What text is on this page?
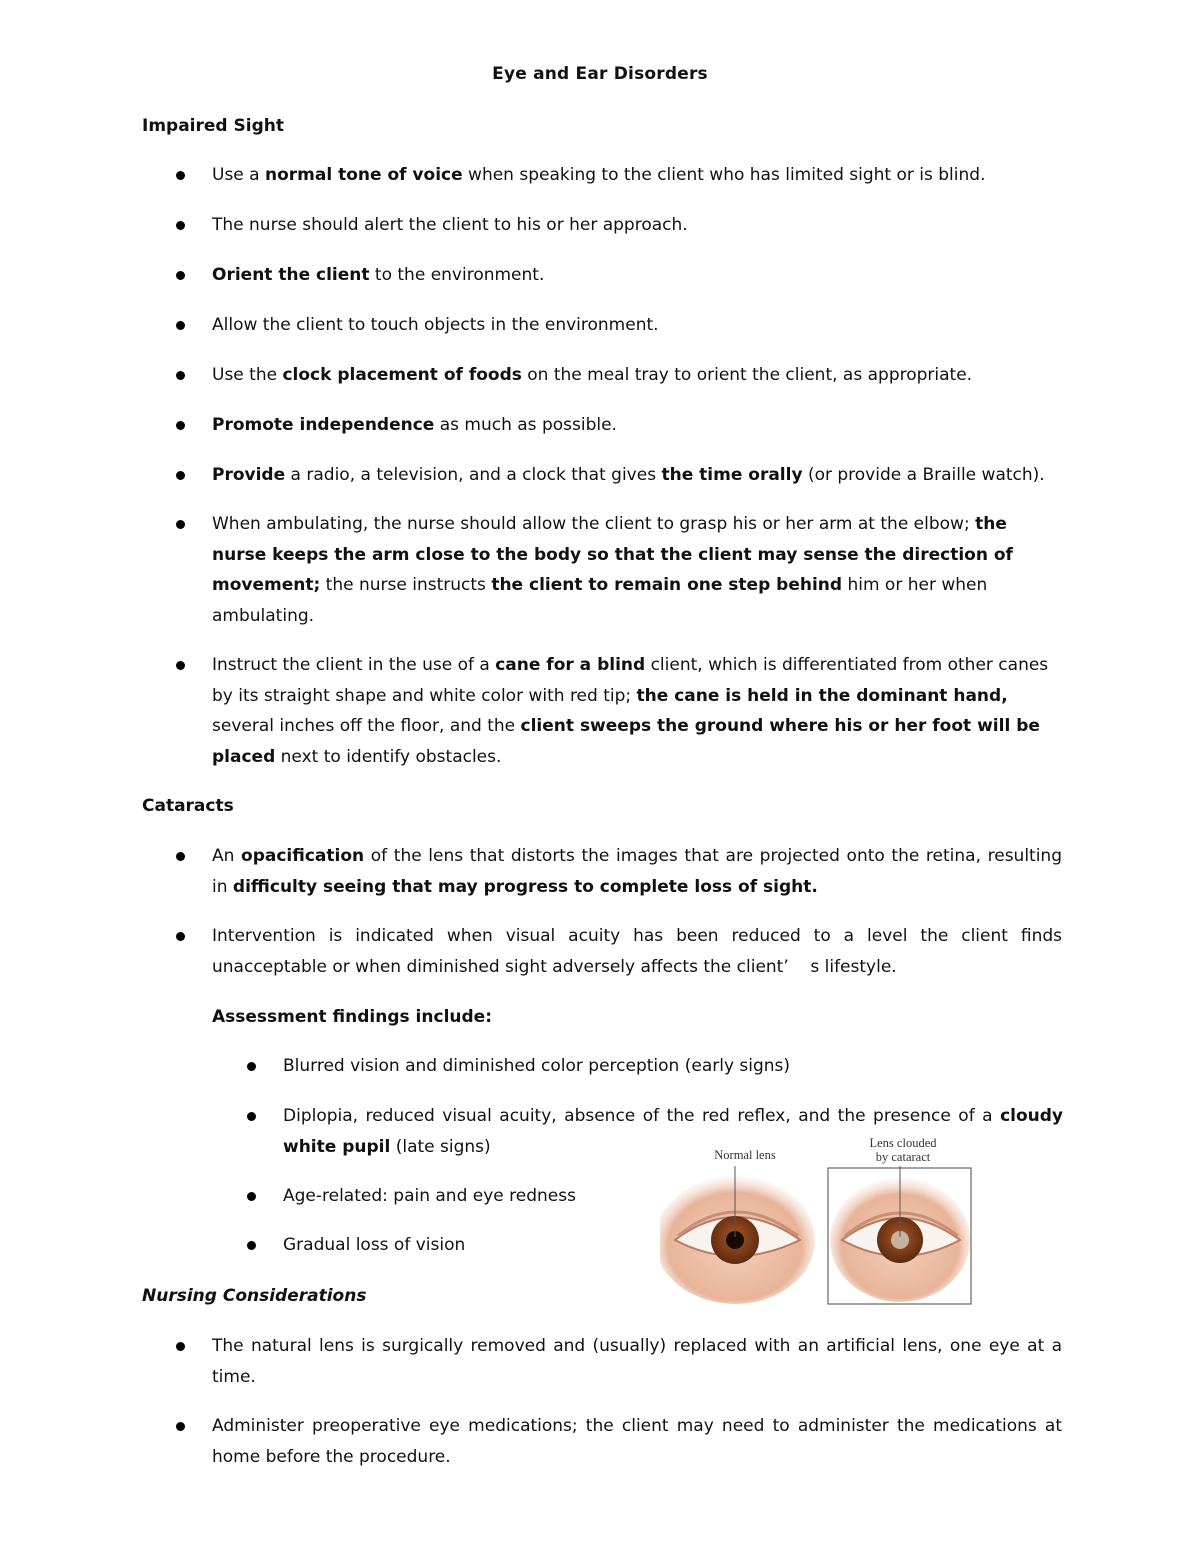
Eye and Ear Disorders
Impaired Sight
Use a normal tone of voice when speaking to the client who has limited sight or is blind.
The nurse should alert the client to his or her approach.
Orient the client to the environment.
Allow the client to touch objects in the environment.
Use the clock placement of foods on the meal tray to orient the client, as appropriate.
Promote independence as much as possible.
Provide a radio, a television, and a clock that gives the time orally (or provide a Braille watch).
When ambulating, the nurse should allow the client to grasp his or her arm at the elbow; the nurse keeps the arm close to the body so that the client may sense the direction of movement; the nurse instructs the client to remain one step behind him or her when ambulating.
Instruct the client in the use of a cane for a blind client, which is differentiated from other canes by its straight shape and white color with red tip; the cane is held in the dominant hand, several inches off the floor, and the client sweeps the ground where his or her foot will be placed next to identify obstacles.
Cataracts
An opacification of the lens that distorts the images that are projected onto the retina, resulting in difficulty seeing that may progress to complete loss of sight.
Intervention is indicated when visual acuity has been reduced to a level the client finds unacceptable or when diminished sight adversely affects the client’    s lifestyle.
Assessment findings include:
Blurred vision and diminished color perception (early signs)
Diplopia, reduced visual acuity, absence of the red reflex, and the presence of a cloudy white pupil (late signs)
Age-related: pain and eye redness
Gradual loss of vision
Nursing Considerations
The natural lens is surgically removed and (usually) replaced with an artificial lens, one eye at a time.
Administer preoperative eye medications; the client may need to administer the medications at home before the procedure.
Normal lens
Lens clouded
by cataract
